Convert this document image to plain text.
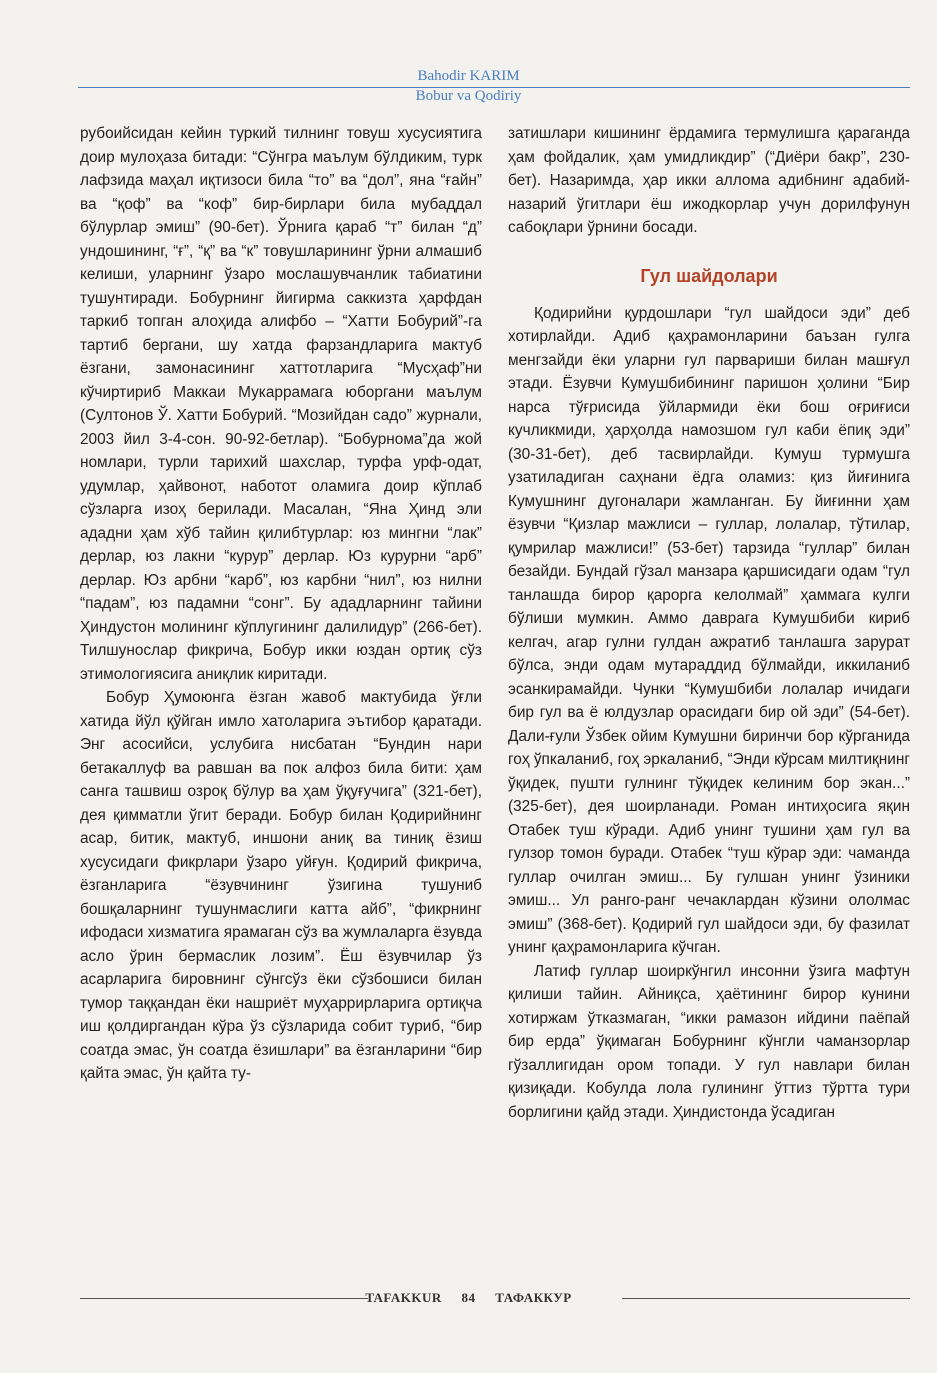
Bahodir KARIM
Bobur va Qodiriy

рубоийсидан кейин туркий тилнинг товуш хусусиятига доир мулоҳаза битади: “Сўнгра маълум бўлдиким, турк лафзида маҳал иқтизоси била “то” ва “дол”, яна “ғайн” ва “қоф” ва “коф” бир-бирлари била мубаддал бўлурлар эмиш” (90-бет). Ўрнига қараб “т” билан “д” ундошининг, “ғ”, “қ” ва “к” товушларининг ўрни алмашиб келиши, уларнинг ўзаро мослашувчанлик табиатини тушунтиради. Бобурнинг йигирма саккизта ҳарфдан таркиб топган алоҳида алифбо – “Хатти Бобурий”-га тартиб бергани, шу хатда фарзандларига мактуб ёзгани, замонасининг хаттотларига “Мусҳаф”ни кўчиртириб Маккаи Мукаррамага юборгани маълум (Султонов Ў. Хатти Бобурий. “Мозийдан садо” журнали, 2003 йил 3-4-сон. 90-92-бетлар). “Бобурнома”да жой номлари, турли тарихий шахслар, турфа урф-одат, удумлар, ҳайвонот, наботот оламига доир кўплаб сўзларга изоҳ берилади. Масалан, “Яна Ҳинд эли ададни ҳам хўб тайин қилибтурлар: юз мингни “лак” дерлар, юз лакни “курур” дерлар. Юз курурни “арб” дерлар. Юз арбни “карб”, юз карбни “нил”, юз нилни “падам”, юз падамни “сонг”. Бу ададларнинг тайини Ҳиндустон молининг кўплугининг далилидур” (266-бет). Тилшунослар фикрича, Бобур икки юздан ортиқ сўз этимологиясига аниқлик киритади.

Бобур Ҳумоюнга ёзган жавоб мактубида ўғли хатида йўл қўйган имло хатоларига эътибор қаратади. Энг асосийси, услубига нисбатан “Бундин нари бетакаллуф ва равшан ва пок алфоз била бити: ҳам санга ташвиш озроқ бўлур ва ҳам ўқуғучига” (321-бет), дея қимматли ўгит беради. Бобур билан Қодирийнинг асар, битик, мактуб, иншони аниқ ва тиниқ ёзиш хусусидаги фикрлари ўзаро уйғун. Қодирий фикрича, ёзганларига “ёзувчининг ўзигина тушуниб бошқаларнинг тушунмаслиги катта айб”, “фикрнинг ифодаси хизматига ярамаган сўз ва жумлаларга ёзувда асло ўрин бермаслик лозим”. Ёш ёзувчилар ўз асарларига бировнинг сўнгсўз ёки сўзбошиси билан тумор таққандан ёки нашриёт муҳаррирларига ортиқча иш қолдиргандан кўра ўз сўзларида собит туриб, “бир соатда эмас, ўн соатда ёзишлари” ва ёзганларини “бир қайта эмас, ўн қайта ту-

затишлари кишининг ёрдамига термулишга қараганда ҳам фойдалик, ҳам умидликдир” (“Диёри бакр”, 230-бет). Назаримда, ҳар икки аллома адибнинг адабий-назарий ўгитлари ёш ижодкорлар учун дорилфунун сабоқлари ўрнини босади.

Гул шайдолари

Қодирийни қурдошлари “гул шайдоси эди” деб хотирлайди. Адиб қаҳрамонларини баъзан гулга менгзайди ёки уларни гул парвариши билан машғул этади. Ёзувчи Кумушбибининг паришон ҳолини “Бир нарса тўғрисида ўйлармиди ёки бош оғриғиси кучликмиди, ҳарҳолда намозшом гул каби ёпиқ эди” (30-31-бет), деб тасвирлайди. Кумуш турмушга узатиладиган саҳнани ёдга оламиз: қиз йиғинига Кумушнинг дугоналари жамланган. Бу йиғинни ҳам ёзувчи “Қизлар мажлиси – гуллар, лолалар, тўтилар, қумрилар мажлиси!” (53-бет) тарзида “гуллар” билан безайди. Бундай гўзал манзара қаршисидаги одам “гул танлашда бирор қарорга келолмай” ҳаммага кулги бўлиши мумкин. Аммо даврага Кумушбиби кириб келгач, агар гулни гулдан ажратиб танлашга зарурат бўлса, энди одам мутараддид бўлмайди, иккиланиб эсанкирамайди. Чунки “Кумушбиби лолалар ичидаги бир гул ва ё юлдузлар орасидаги бир ой эди” (54-бет). Дали-ғули Ўзбек ойим Кумушни биринчи бор кўрганида гоҳ ўпкаланиб, гоҳ эркаланиб, “Энди кўрсам милтиқнинг ўқидек, пушти гулнинг тўқидек келиним бор экан...” (325-бет), дея шоирланади. Роман интиҳосига яқин Отабек туш кўради. Адиб унинг тушини ҳам гул ва гулзор томон буради. Отабек “туш кўрар эди: чаманда гуллар очилган эмиш... Бу гулшан унинг ўзиники эмиш... Ул ранго-ранг чечаклардан кўзини ололмас эмиш” (368-бет). Қодирий гул шайдоси эди, бу фазилат унинг қаҳрамонларига кўчган.

Латиф гуллар шоиркўнгил инсонни ўзига мафтун қилиши тайин. Айниқса, ҳаётининг бирор кунини хотиржам ўтказмаган, “икки рамазон ийдини паёпай бир ерда” ўқимаган Бобурнинг кўнгли чаманзорлар гўзаллигидан ором топади. У гул навлари билан қизиқади. Кобулда лола гулининг ўттиз тўртта тури борлигини қайд этади. Ҳиндистонда ўсадиган

TAFAKKUR 84 ТАФАККУР
